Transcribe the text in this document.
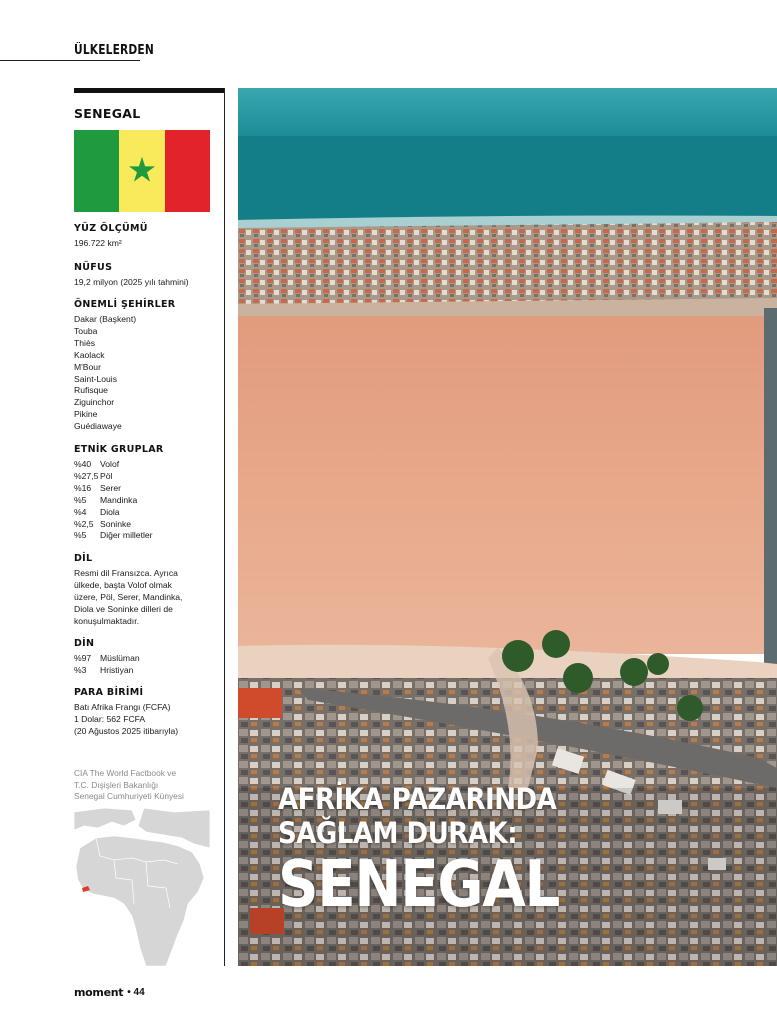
ÜLKELERDEN
SENEGAL
★
YÜZ ÖLÇÜMÜ
196.722 km²
NÜFUS
19,2 milyon (2025 yılı tahmini)
ÖNEMLİ ŞEHİRLER
Dakar (Başkent)
Touba
Thiès
Kaolack
M'Bour
Saint-Louis
Rufisque
Ziguinchor
Pikine
Guédiawaye
ETNİK GRUPLAR
%40	Volof
%27,5 Pöl
%16	Serer
%5	Mandinka
%4	Diola
%2,5 Soninke
%5	Diğer milletler
DİL
Resmi dil Fransızca. Ayrıca
ülkede, başta Volof olmak
üzere, Pöl, Serer, Mandinka,
Diola ve Soninke dilleri de
konuşulmaktadır.
DİN
%97	Müslüman
%3	Hristiyan
PARA BİRİMİ
Batı Afrika Frangı (FCFA)
1 Dolar: 562 FCFA
(20 Ağustos 2025 itibarıyla)
CIA The World Factbook ve
T.C. Dışişleri Bakanlığı
Senegal Cumhuriyeti Künyesi	AFRİKA PAZARINDA
SAĞLAM DURAK:
SENEGAL
moment • 44
